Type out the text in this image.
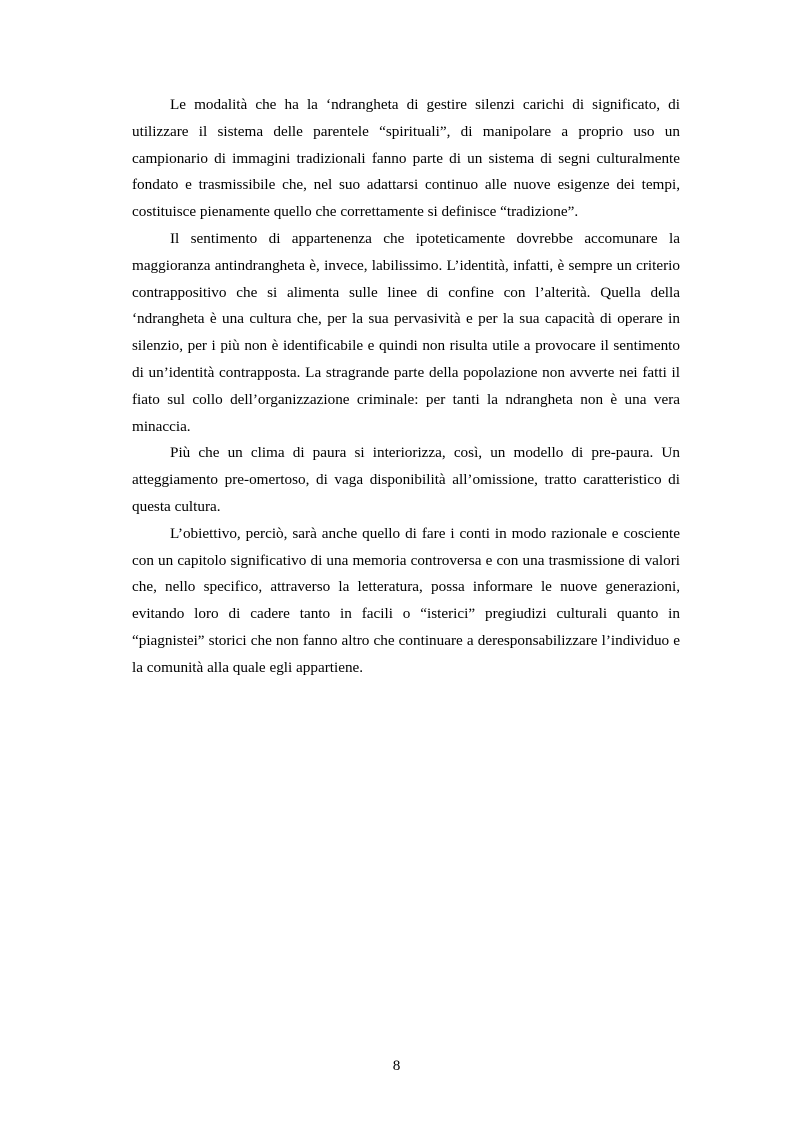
Le modalità che ha la ‘ndrangheta di gestire silenzi carichi di significato, di utilizzare il sistema delle parentele “spirituali”, di manipolare a proprio uso un campionario di immagini tradizionali fanno parte di un sistema di segni culturalmente fondato e trasmissibile che, nel suo adattarsi continuo alle nuove esigenze dei tempi, costituisce pienamente quello che correttamente si definisce “tradizione”.

Il sentimento di appartenenza che ipoteticamente dovrebbe accomunare la maggioranza antindrangheta è, invece, labilissimo. L’identità, infatti, è sempre un criterio contrappositivo che si alimenta sulle linee di confine con l’alterità. Quella della ‘ndrangheta è una cultura che, per la sua pervasività e per la sua capacità di operare in silenzio, per i più non è identificabile e quindi non risulta utile a provocare il sentimento di un’identità contrapposta. La stragrande parte della popolazione non avverte nei fatti il fiato sul collo dell’organizzazione criminale: per tanti la ndrangheta non è una vera minaccia.

Più che un clima di paura si interiorizza, così, un modello di pre-paura. Un atteggiamento pre-omertoso, di vaga disponibilità all’omissione, tratto caratteristico di questa cultura.

L’obiettivo, perciò, sarà anche quello di fare i conti in modo razionale e cosciente con un capitolo significativo di una memoria controversa e con una trasmissione di valori che, nello specifico, attraverso la letteratura, possa informare le nuove generazioni, evitando loro di cadere tanto in facili o “isterici” pregiudizi culturali quanto in “piagnistei” storici che non fanno altro che continuare a deresponsabilizzare l’individuo e la comunità alla quale egli appartiene.

8
